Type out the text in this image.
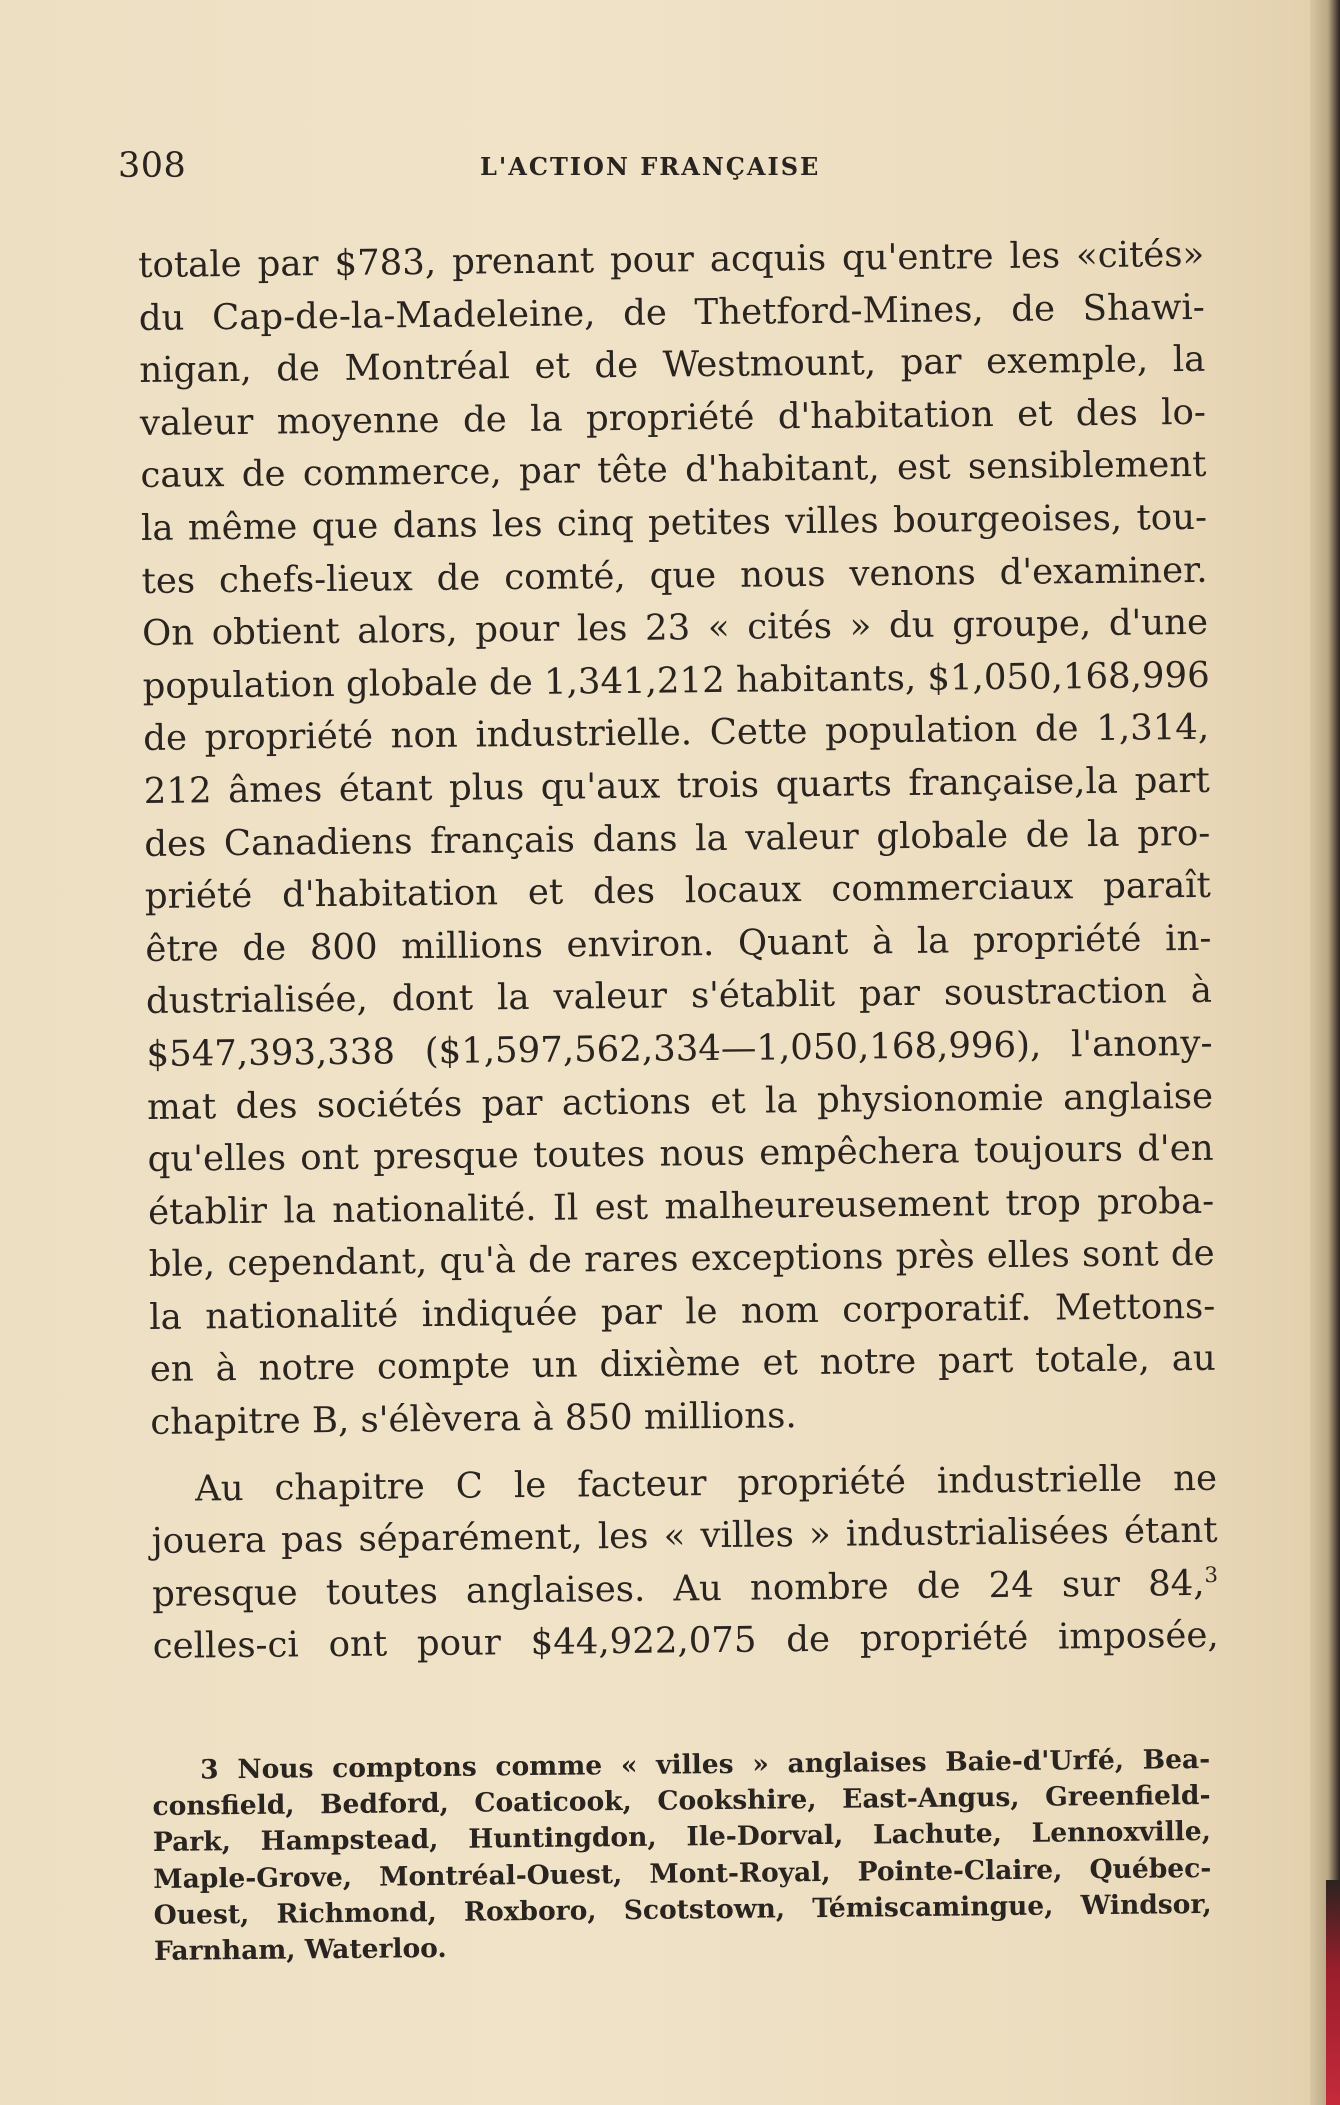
308	L'ACTION FRANÇAISE
totale par $783, prenant pour acquis qu'entre les «cités»
du Cap-de-la-Madeleine, de Thetford-Mines, de Shawi-
nigan, de Montréal et de Westmount, par exemple, la
valeur moyenne de la propriété d'habitation et des lo-
caux de commerce, par tête d'habitant, est sensiblement
la même que dans les cinq petites villes bourgeoises, tou-
tes chefs-lieux de comté, que nous venons d'examiner.
On obtient alors, pour les 23 « cités » du groupe, d'une
population globale de 1,341,212 habitants, $1,050,168,996
de propriété non industrielle. Cette population de 1,314,
212 âmes étant plus qu'aux trois quarts française,la part
des Canadiens français dans la valeur globale de la pro-
priété d'habitation et des locaux commerciaux paraît
être de 800 millions environ. Quant à la propriété in-
dustrialisée, dont la valeur s'établit par soustraction à
$547,393,338 ($1,597,562,334—1,050,168,996), l'anony-
mat des sociétés par actions et la physionomie anglaise
qu'elles ont presque toutes nous empêchera toujours d'en
établir la nationalité. Il est malheureusement trop proba-
ble, cependant, qu'à de rares exceptions près elles sont de
la nationalité indiquée par le nom corporatif. Mettons-
en à notre compte un dixième et notre part totale, au
chapitre B, s'élèvera à 850 millions.
Au chapitre C le facteur propriété industrielle ne
jouera pas séparément, les « villes » industrialisées étant
presque toutes anglaises. Au nombre de 24 sur 84,$^3$
celles-ci ont pour $44,922,075 de propriété imposée,
3 Nous comptons comme « villes » anglaises Baie-d'Urfé, Bea-
consfield, Bedford, Coaticook, Cookshire, East-Angus, Greenfield-
Park, Hampstead, Huntingdon, Ile-Dorval, Lachute, Lennoxville,
Maple-Grove, Montréal-Ouest, Mont-Royal, Pointe-Claire, Québec-
Ouest, Richmond, Roxboro, Scotstown, Témiscamingue, Windsor,
Farnham, Waterloo.
